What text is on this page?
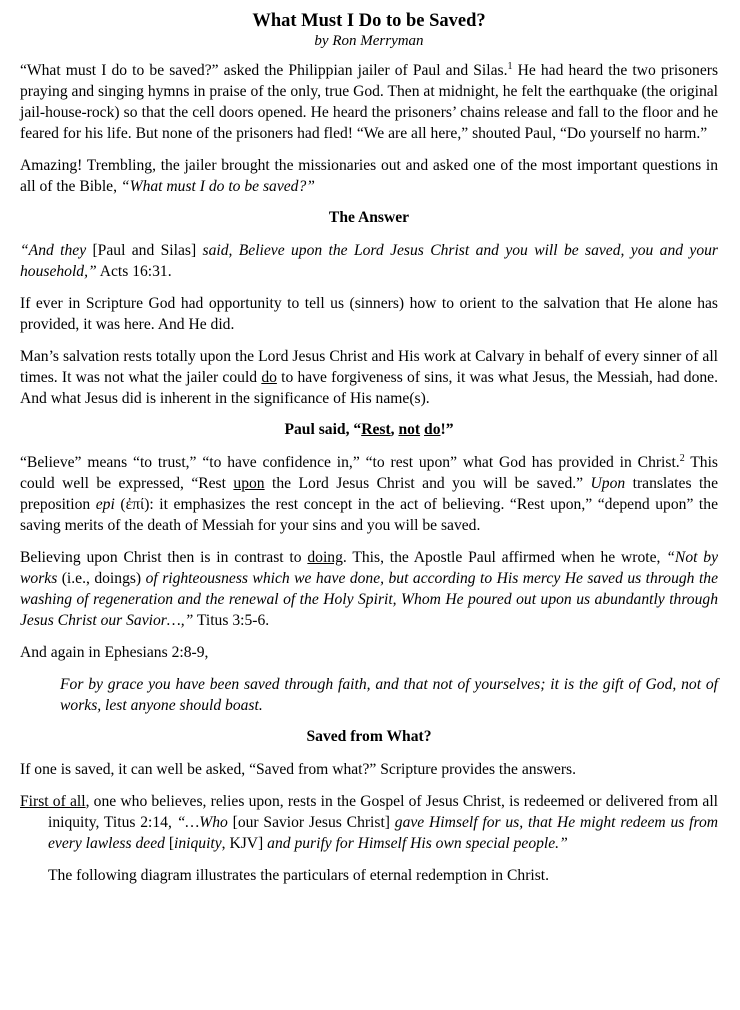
What Must I Do to be Saved?
by Ron Merryman

“What must I do to be saved?” asked the Philippian jailer of Paul and Silas.$^1$ He had heard the two prisoners praying and singing hymns in praise of the only, true God. Then at midnight, he felt the earthquake (the original jail-house-rock) so that the cell doors opened. He heard the prisoners’ chains release and fall to the floor and he feared for his life. But none of the prisoners had fled! “We are all here,” shouted Paul, “Do yourself no harm.”

Amazing! Trembling, the jailer brought the missionaries out and asked one of the most important questions in all of the Bible, “What must I do to be saved?”

The Answer

“And they [Paul and Silas] said, Believe upon the Lord Jesus Christ and you will be saved, you and your household,” Acts 16:31.

If ever in Scripture God had opportunity to tell us (sinners) how to orient to the salvation that He alone has provided, it was here. And He did.

Man’s salvation rests totally upon the Lord Jesus Christ and His work at Calvary in behalf of every sinner of all times. It was not what the jailer could do to have forgiveness of sins, it was what Jesus, the Messiah, had done. And what Jesus did is inherent in the significance of His name(s).

Paul said, “Rest, not do!”

“Believe” means “to trust,” “to have confidence in,” “to rest upon” what God has provided in Christ.$^2$ This could well be expressed, “Rest upon the Lord Jesus Christ and you will be saved.” Upon translates the preposition epi (ἐπί): it emphasizes the rest concept in the act of believing. “Rest upon,” “depend upon” the saving merits of the death of Messiah for your sins and you will be saved.

Believing upon Christ then is in contrast to doing. This, the Apostle Paul affirmed when he wrote, “Not by works (i.e., doings) of righteousness which we have done, but according to His mercy He saved us through the washing of regeneration and the renewal of the Holy Spirit, Whom He poured out upon us abundantly through Jesus Christ our Savior…,” Titus 3:5-6.

And again in Ephesians 2:8-9,

For by grace you have been saved through faith, and that not of yourselves; it is the gift of God, not of works, lest anyone should boast.
Saved from What?

If one is saved, it can well be asked, “Saved from what?” Scripture provides the answers.

First of all, one who believes, relies upon, rests in the Gospel of Jesus Christ, is redeemed or delivered from all iniquity, Titus 2:14, “…Who [our Savior Jesus Christ] gave Himself for us, that He might redeem us from every lawless deed [iniquity, KJV] and purify for Himself His own special people.”

The following diagram illustrates the particulars of eternal redemption in Christ.
